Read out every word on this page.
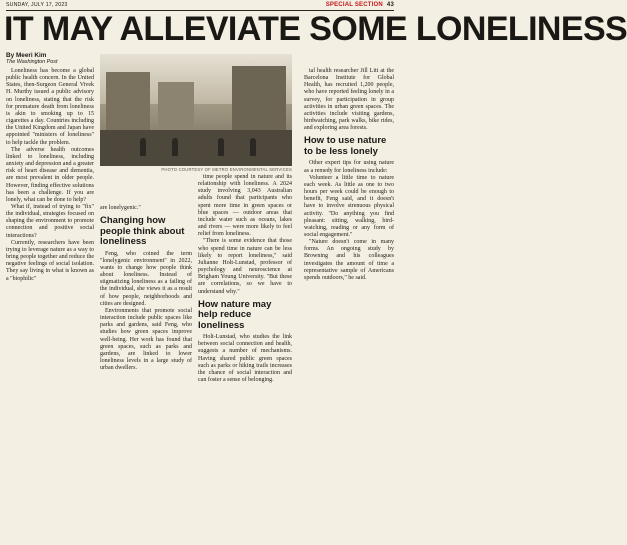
SUNDAY, JULY 17, 2023	SPECIAL SECTION 43
IT MAY ALLEVIATE SOME LONELINESS
By Meeri Kim
The Washington Post

Loneliness has become a global public health concern. In the United States, then-Surgeon General Vivek H. Murthy issued a public advisory on loneliness, stating that the risk for premature death from loneliness is akin to smoking up to 15 cigarettes a day. Countries including the United Kingdom and Japan have appointed "ministers of loneliness" to help tackle the problem.

The adverse health outcomes linked to loneliness, including anxiety and depression and a greater risk of heart disease and dementia, are most prevalent in older people. However, finding effective solutions has been a challenge. If you are lonely, what can be done to help?

What if, instead of trying to "fix" the individual, strategies focused on shaping the environment to promote connection and positive social interactions?

Currently, researchers have been trying to leverage nature as a way to bring people together and reduce the negative feelings of social isolation. They say living in what is known as a "biophilic"

PHOTO COURTESY OF METRO ENVIRONMENTAL SERVICES

are lonelygenic."

Changing how people think about loneliness

Feng, who coined the term "lonelygenic environment" in 2022, wants to change how people think about loneliness. Instead of stigmatizing loneliness as a failing of the individual, she views it as a result of how people, neighborhoods and cities are designed.

Environments that promote social interaction include public spaces like parks and gardens, said Feng, who studies how green spaces improve well-being. Her work has found that green spaces, such as parks and gardens, are linked to lower loneliness levels in a large study of urban dwellers.

time people spend in nature and its relationship with loneliness. A 2024 study involving 3,043 Australian adults found that participants who spent more time in green spaces or blue spaces — outdoor areas that include water such as oceans, lakes and rivers — were more likely to feel relief from loneliness.

"There is some evidence that those who spend time in nature can be less likely to report loneliness," said Julianne Holt-Lunstad, professor of psychology and neuroscience at Brigham Young University. "But these are correlations, so we have to understand why."

How nature may help reduce loneliness

Holt-Lunstad, who studies the link between social connection and health, suggests a number of mechanisms. Having shared public green spaces such as parks or hiking trails increases the chance of social interaction and can foster a sense of belonging.

tal health researcher Jill Litt at the Barcelona Institute for Global Health, has recruited 1,200 people, who have reported feeling lonely in a survey, for participation in group activities in urban green spaces. The activities include visiting gardens, birdwatching, park walks, bike rides, and exploring area forests.

How to use nature to be less lonely

Other expert tips for using nature as a remedy for loneliness include:

Volunteer a little time to nature each week. As little as one to two hours per week could be enough to benefit, Feng said, and it doesn't have to involve strenuous physical activity. "Do anything you find pleasant: sitting, walking, bird-watching, reading or any form of social engagement."

"Nature doesn't come in many forms. An ongoing study by Browning and his colleagues investigates the amount of time a representative sample of Americans spends outdoors," he said.
